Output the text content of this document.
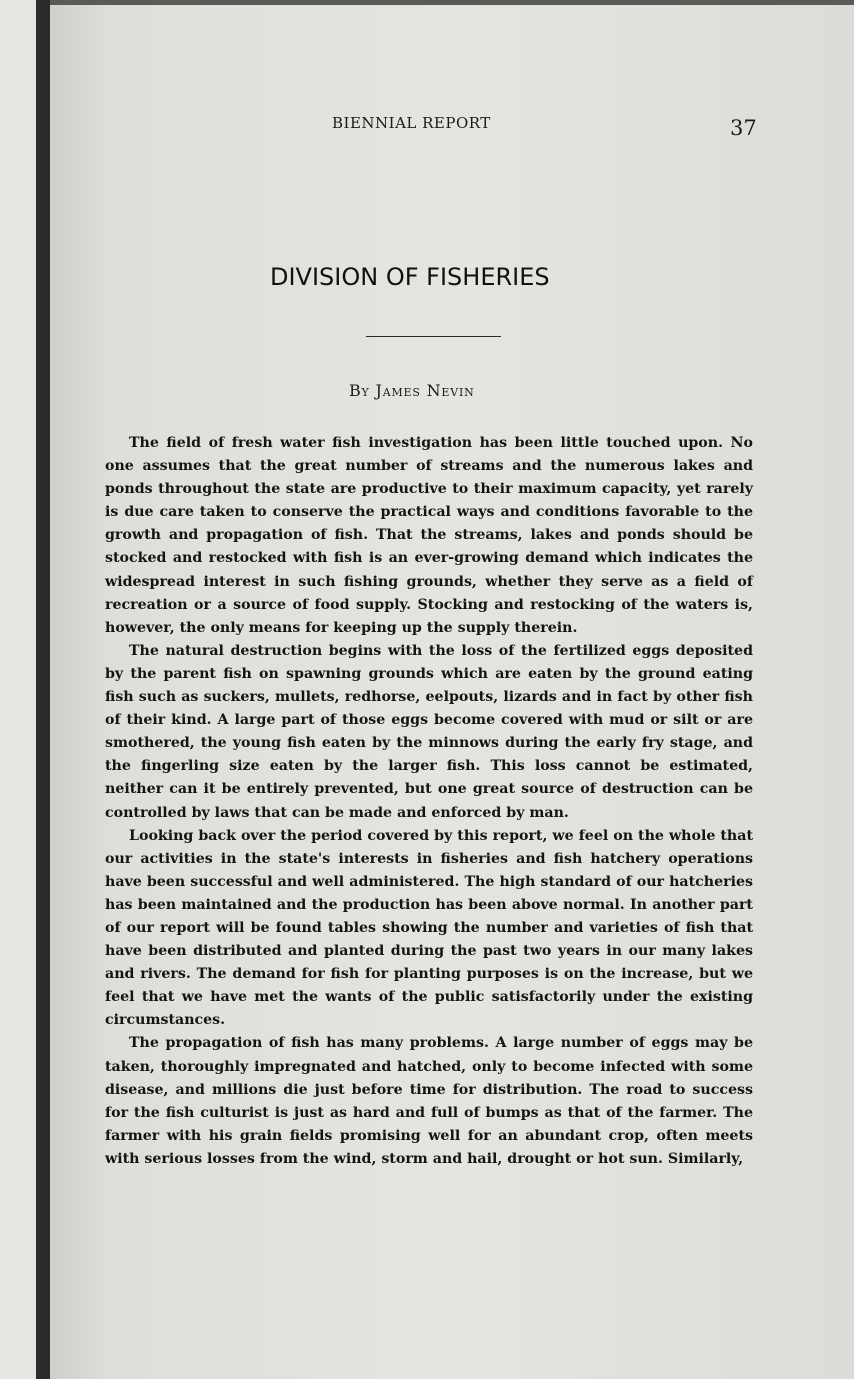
BIENNIAL REPORT	37
DIVISION OF FISHERIES
By James Nevin

The field of fresh water fish investigation has been little touched upon. No one assumes that the great number of streams and the numerous lakes and ponds throughout the state are productive to their maximum capacity, yet rarely is due care taken to conserve the practical ways and conditions favorable to the growth and propagation of fish. That the streams, lakes and ponds should be stocked and restocked with fish is an ever-growing demand which indicates the widespread interest in such fishing grounds, whether they serve as a field of recreation or a source of food supply. Stocking and restocking of the waters is, however, the only means for keeping up the supply therein.

The natural destruction begins with the loss of the fertilized eggs deposited by the parent fish on spawning grounds which are eaten by the ground eating fish such as suckers, mullets, redhorse, eelpouts, lizards and in fact by other fish of their kind. A large part of those eggs become covered with mud or silt or are smothered, the young fish eaten by the minnows during the early fry stage, and the fingerling size eaten by the larger fish. This loss cannot be estimated, neither can it be entirely prevented, but one great source of destruction can be controlled by laws that can be made and enforced by man.

Looking back over the period covered by this report, we feel on the whole that our activities in the state's interests in fisheries and fish hatchery operations have been successful and well administered. The high standard of our hatcheries has been maintained and the production has been above normal. In another part of our report will be found tables showing the number and varieties of fish that have been distributed and planted during the past two years in our many lakes and rivers. The demand for fish for planting purposes is on the increase, but we feel that we have met the wants of the public satisfactorily under the existing circumstances.

The propagation of fish has many problems. A large number of eggs may be taken, thoroughly impregnated and hatched, only to become infected with some disease, and millions die just before time for distribution. The road to success for the fish culturist is just as hard and full of bumps as that of the farmer. The farmer with his grain fields promising well for an abundant crop, often meets with serious losses from the wind, storm and hail, drought or hot sun. Similarly,
